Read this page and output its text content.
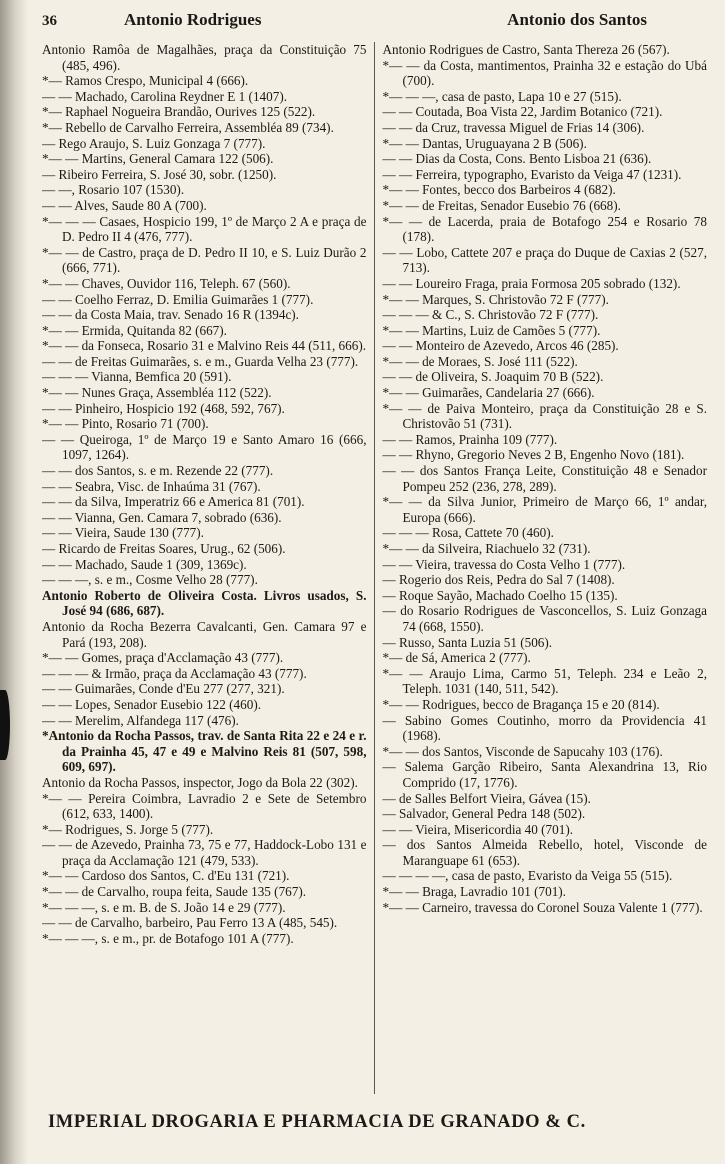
36	Antonio Rodrigues	Antonio dos Santos

Antonio Ramôa de Magalhães, praça da Constituição 75 (485, 496).

*— Ramos Crespo, Municipal 4 (666).

— — Machado, Carolina Reydner E 1 (1407).

*— Raphael Nogueira Brandão, Ourives 125 (522).

*— Rebello de Carvalho Ferreira, Assembléa 89 (734).

— Rego Araujo, S. Luiz Gonzaga 7 (777).

*— — Martins, General Camara 122 (506).

— Ribeiro Ferreira, S. José 30, sobr. (1250).

— —, Rosario 107 (1530).

— — Alves, Saude 80 A (700).

*— — — Casaes, Hospicio 199, 1º de Março 2 A e praça de D. Pedro II 4 (476, 777).

*— — de Castro, praça de D. Pedro II 10, e S. Luiz Durão 2 (666, 771).

*— — Chaves, Ouvidor 116, Teleph. 67 (560).

— — Coelho Ferraz, D. Emilia Guimarães 1 (777).

— — da Costa Maia, trav. Senado 16 R (1394c).

*— — Ermida, Quitanda 82 (667).

*— — da Fonseca, Rosario 31 e Malvino Reis 44 (511, 666).

— — de Freitas Guimarães, s. e m., Guarda Velha 23 (777).

— — — Vianna, Bemfica 20 (591).

*— — Nunes Graça, Assembléa 112 (522).

— — Pinheiro, Hospicio 192 (468, 592, 767).

*— — Pinto, Rosario 71 (700).

— — Queiroga, 1º de Março 19 e Santo Amaro 16 (666, 1097, 1264).

— — dos Santos, s. e m. Rezende 22 (777).

— — Seabra, Visc. de Inhaúma 31 (767).

— — da Silva, Imperatriz 66 e America 81 (701).

— — Vianna, Gen. Camara 7, sobrado (636).

— — Vieira, Saude 130 (777).

— Ricardo de Freitas Soares, Urug., 62 (506).

— — Machado, Saude 1 (309, 1369c).

— — —, s. e m., Cosme Velho 28 (777).

Antonio Roberto de Oliveira Costa. Livros usados, S. José 94 (686, 687).

Antonio da Rocha Bezerra Cavalcanti, Gen. Camara 97 e Pará (193, 208).

*— — Gomes, praça d'Acclamação 43 (777).

— — — & Irmão, praça da Acclamação 43 (777).

— — Guimarães, Conde d'Eu 277 (277, 321).

— — Lopes, Senador Eusebio 122 (460).

— — Merelim, Alfandega 117 (476).

*Antonio da Rocha Passos, trav. de Santa Rita 22 e 24 e r. da Prainha 45, 47 e 49 e Malvino Reis 81 (507, 598, 609, 697).

Antonio da Rocha Passos, inspector, Jogo da Bola 22 (302).

*— — Pereira Coimbra, Lavradio 2 e Sete de Setembro (612, 633, 1400).

*— Rodrigues, S. Jorge 5 (777).

— — de Azevedo, Prainha 73, 75 e 77, Haddock-Lobo 131 e praça da Acclamação 121 (479, 533).

*— — Cardoso dos Santos, C. d'Eu 131 (721).

*— — de Carvalho, roupa feita, Saude 135 (767).

*— — —, s. e m. B. de S. João 14 e 29 (777).

— — de Carvalho, barbeiro, Pau Ferro 13 A (485, 545).

*— — —, s. e m., pr. de Botafogo 101 A (777).

Antonio Rodrigues de Castro, Santa Thereza 26 (567).

*— — da Costa, mantimentos, Prainha 32 e estação do Ubá (700).

*— — —, casa de pasto, Lapa 10 e 27 (515).

— — Coutada, Boa Vista 22, Jardim Botanico (721).

— — da Cruz, travessa Miguel de Frias 14 (306).

*— — Dantas, Uruguayana 2 B (506).

— — Dias da Costa, Cons. Bento Lisboa 21 (636).

— — Ferreira, typographo, Evaristo da Veiga 47 (1231).

*— — Fontes, becco dos Barbeiros 4 (682).

*— — de Freitas, Senador Eusebio 76 (668).

*— — de Lacerda, praia de Botafogo 254 e Rosario 78 (178).

— — Lobo, Cattete 207 e praça do Duque de Caxias 2 (527, 713).

— — Loureiro Fraga, praia Formosa 205 sobrado (132).

*— — Marques, S. Christovão 72 F (777).

— — — & C., S. Christovão 72 F (777).

*— — Martins, Luiz de Camões 5 (777).

— — Monteiro de Azevedo, Arcos 46 (285).

*— — de Moraes, S. José 111 (522).

— — de Oliveira, S. Joaquim 70 B (522).

*— — Guimarães, Candelaria 27 (666).

*— — de Paiva Monteiro, praça da Constituição 28 e S. Christovão 51 (731).

— — Ramos, Prainha 109 (777).

— — Rhyno, Gregorio Neves 2 B, Engenho Novo (181).

— — dos Santos França Leite, Constituição 48 e Senador Pompeu 252 (236, 278, 289).

*— — da Silva Junior, Primeiro de Março 66, 1º andar, Europa (666).

— — — Rosa, Cattete 70 (460).

*— — da Silveira, Riachuelo 32 (731).

— — Vieira, travessa do Costa Velho 1 (777).

— Rogerio dos Reis, Pedra do Sal 7 (1408).

— Roque Sayão, Machado Coelho 15 (135).

— do Rosario Rodrigues de Vasconcellos, S. Luiz Gonzaga 74 (668, 1550).

— Russo, Santa Luzia 51 (506).

*— de Sá, America 2 (777).

*— — Araujo Lima, Carmo 51, Teleph. 234 e Leão 2, Teleph. 1031 (140, 511, 542).

*— — Rodrigues, becco de Bragança 15 e 20 (814).

— Sabino Gomes Coutinho, morro da Providencia 41 (1968).

*— — dos Santos, Visconde de Sapucahy 103 (176).

— Salema Garção Ribeiro, Santa Alexandrina 13, Rio Comprido (17, 1776).

— de Salles Belfort Vieira, Gávea (15).

— Salvador, General Pedra 148 (502).

— — Vieira, Misericordia 40 (701).

— dos Santos Almeida Rebello, hotel, Visconde de Maranguape 61 (653).

— — — —, casa de pasto, Evaristo da Veiga 55 (515).

*— — Braga, Lavradio 101 (701).

*— — Carneiro, travessa do Coronel Souza Valente 1 (777).

IMPERIAL DROGARIA E PHARMACIA DE GRANADO & C.
